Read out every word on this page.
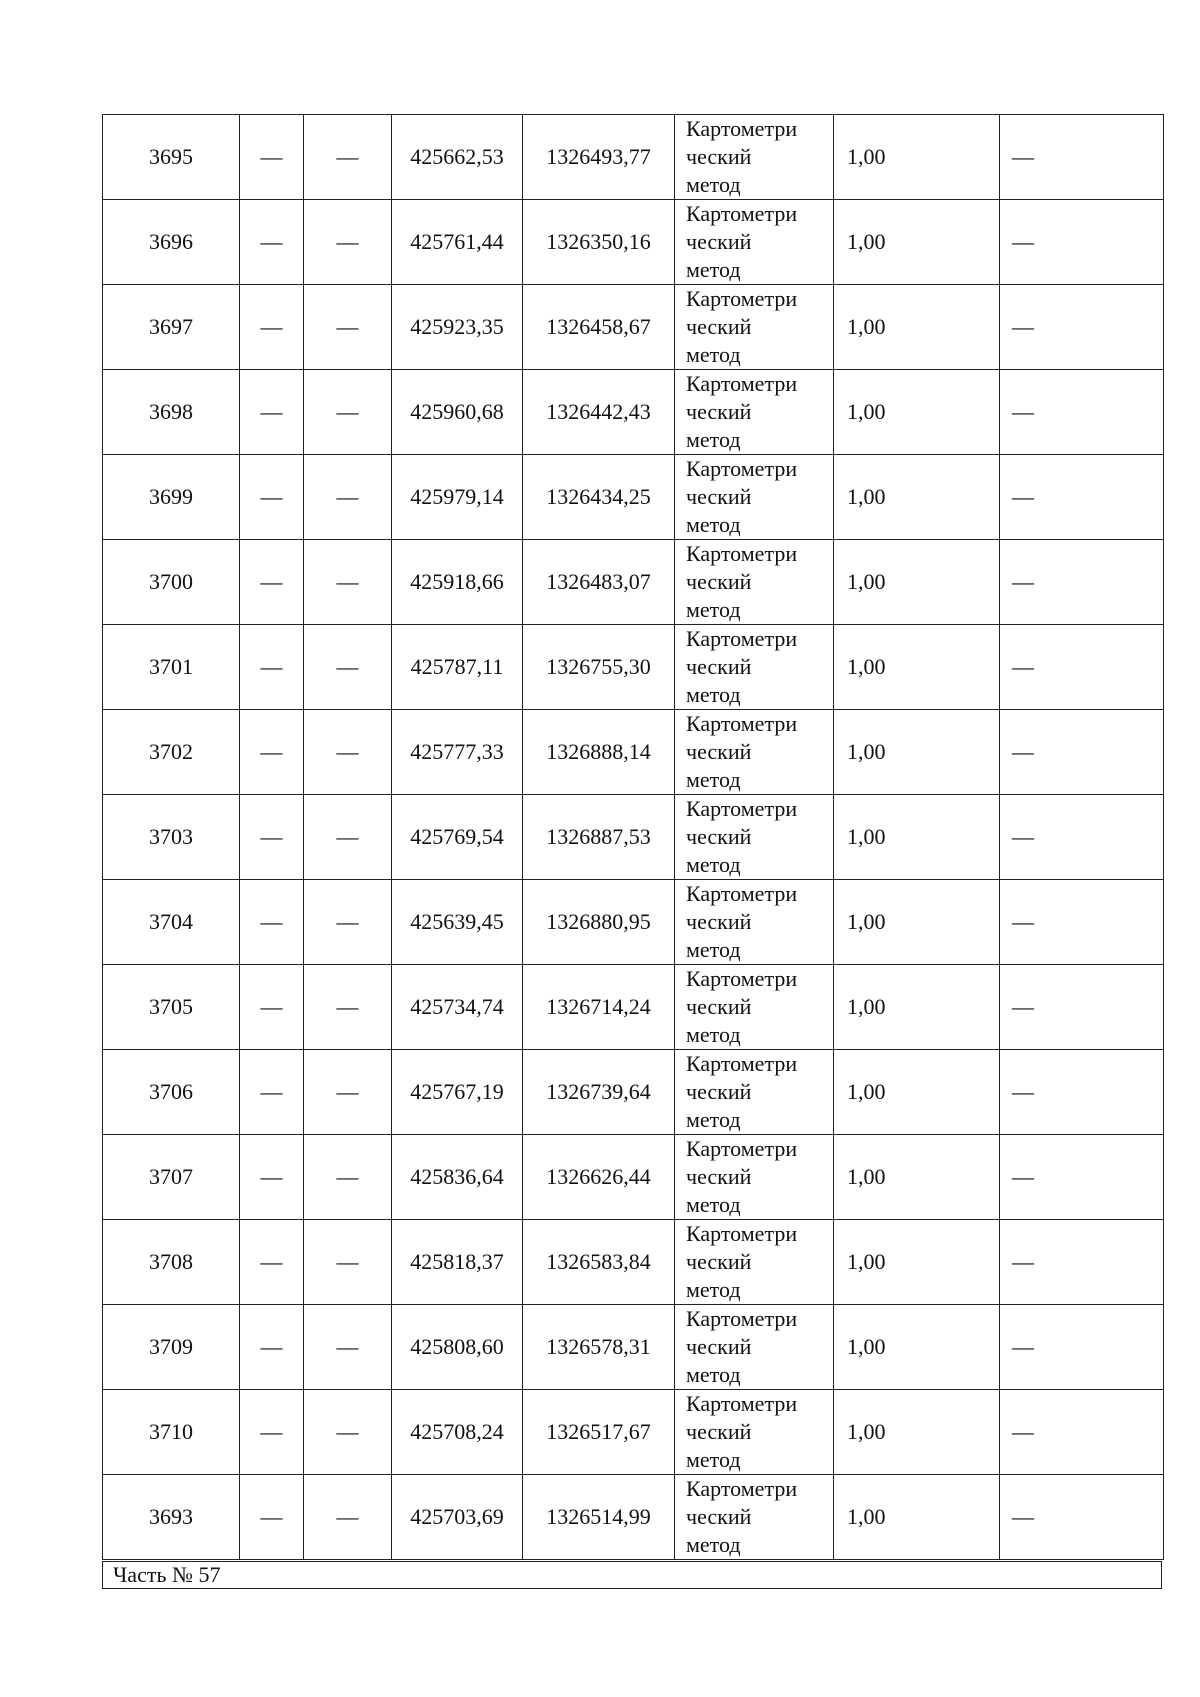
3695	—	—	425662,53	1326493,77	Картометри
ческий
метод	1,00	—
3696	—	—	425761,44	1326350,16	Картометри
ческий
метод	1,00	—
3697	—	—	425923,35	1326458,67	Картометри
ческий
метод	1,00	—
3698	—	—	425960,68	1326442,43	Картометри
ческий
метод	1,00	—
3699	—	—	425979,14	1326434,25	Картометри
ческий
метод	1,00	—
3700	—	—	425918,66	1326483,07	Картометри
ческий
метод	1,00	—
3701	—	—	425787,11	1326755,30	Картометри
ческий
метод	1,00	—
3702	—	—	425777,33	1326888,14	Картометри
ческий
метод	1,00	—
3703	—	—	425769,54	1326887,53	Картометри
ческий
метод	1,00	—
3704	—	—	425639,45	1326880,95	Картометри
ческий
метод	1,00	—
3705	—	—	425734,74	1326714,24	Картометри
ческий
метод	1,00	—
3706	—	—	425767,19	1326739,64	Картометри
ческий
метод	1,00	—
3707	—	—	425836,64	1326626,44	Картометри
ческий
метод	1,00	—
3708	—	—	425818,37	1326583,84	Картометри
ческий
метод	1,00	—
3709	—	—	425808,60	1326578,31	Картометри
ческий
метод	1,00	—
3710	—	—	425708,24	1326517,67	Картометри
ческий
метод	1,00	—
3693	—	—	425703,69	1326514,99	Картометри
ческий
метод	1,00	—
Часть № 57
